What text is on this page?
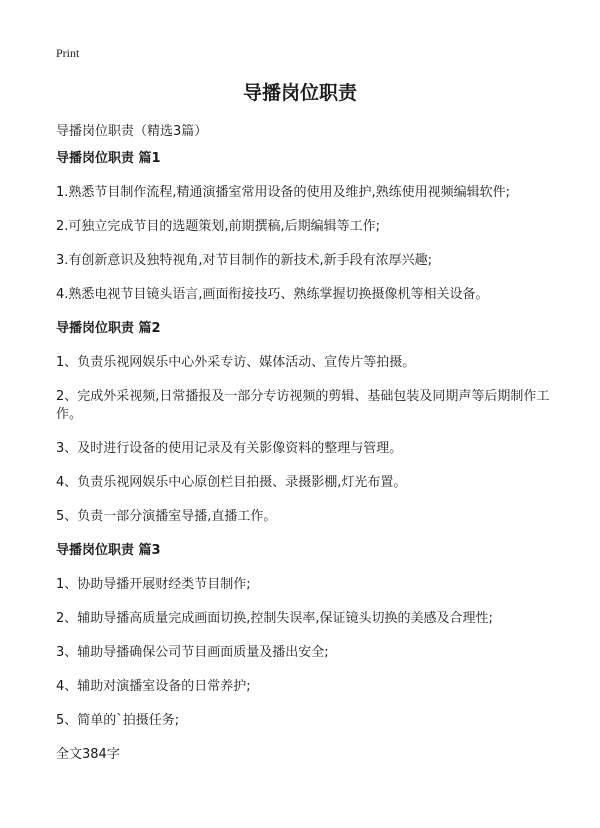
Print
导播岗位职责

导播岗位职责（精选3篇）

导播岗位职责 篇1

1.熟悉节目制作流程,精通演播室常用设备的使用及维护,熟练使用视频编辑软件;

2.可独立完成节目的选题策划,前期撰稿,后期编辑等工作;

3.有创新意识及独特视角,对节目制作的新技术,新手段有浓厚兴趣;

4.熟悉电视节目镜头语言,画面衔接技巧、熟练掌握切换摄像机等相关设备。

导播岗位职责 篇2

1、负责乐视网娱乐中心外采专访、媒体活动、宣传片等拍摄。

2、完成外采视频,日常播报及一部分专访视频的剪辑、基础包装及同期声等后期制作工作。

3、及时进行设备的使用记录及有关影像资料的整理与管理。

4、负责乐视网娱乐中心原创栏目拍摄、录摄影棚,灯光布置。

5、负责一部分演播室导播,直播工作。

导播岗位职责 篇3

1、协助导播开展财经类节目制作;

2、辅助导播高质量完成画面切换,控制失误率,保证镜头切换的美感及合理性;

3、辅助导播确保公司节目画面质量及播出安全;

4、辅助对演播室设备的日常养护;

5、简单的`拍摄任务;

全文384字
